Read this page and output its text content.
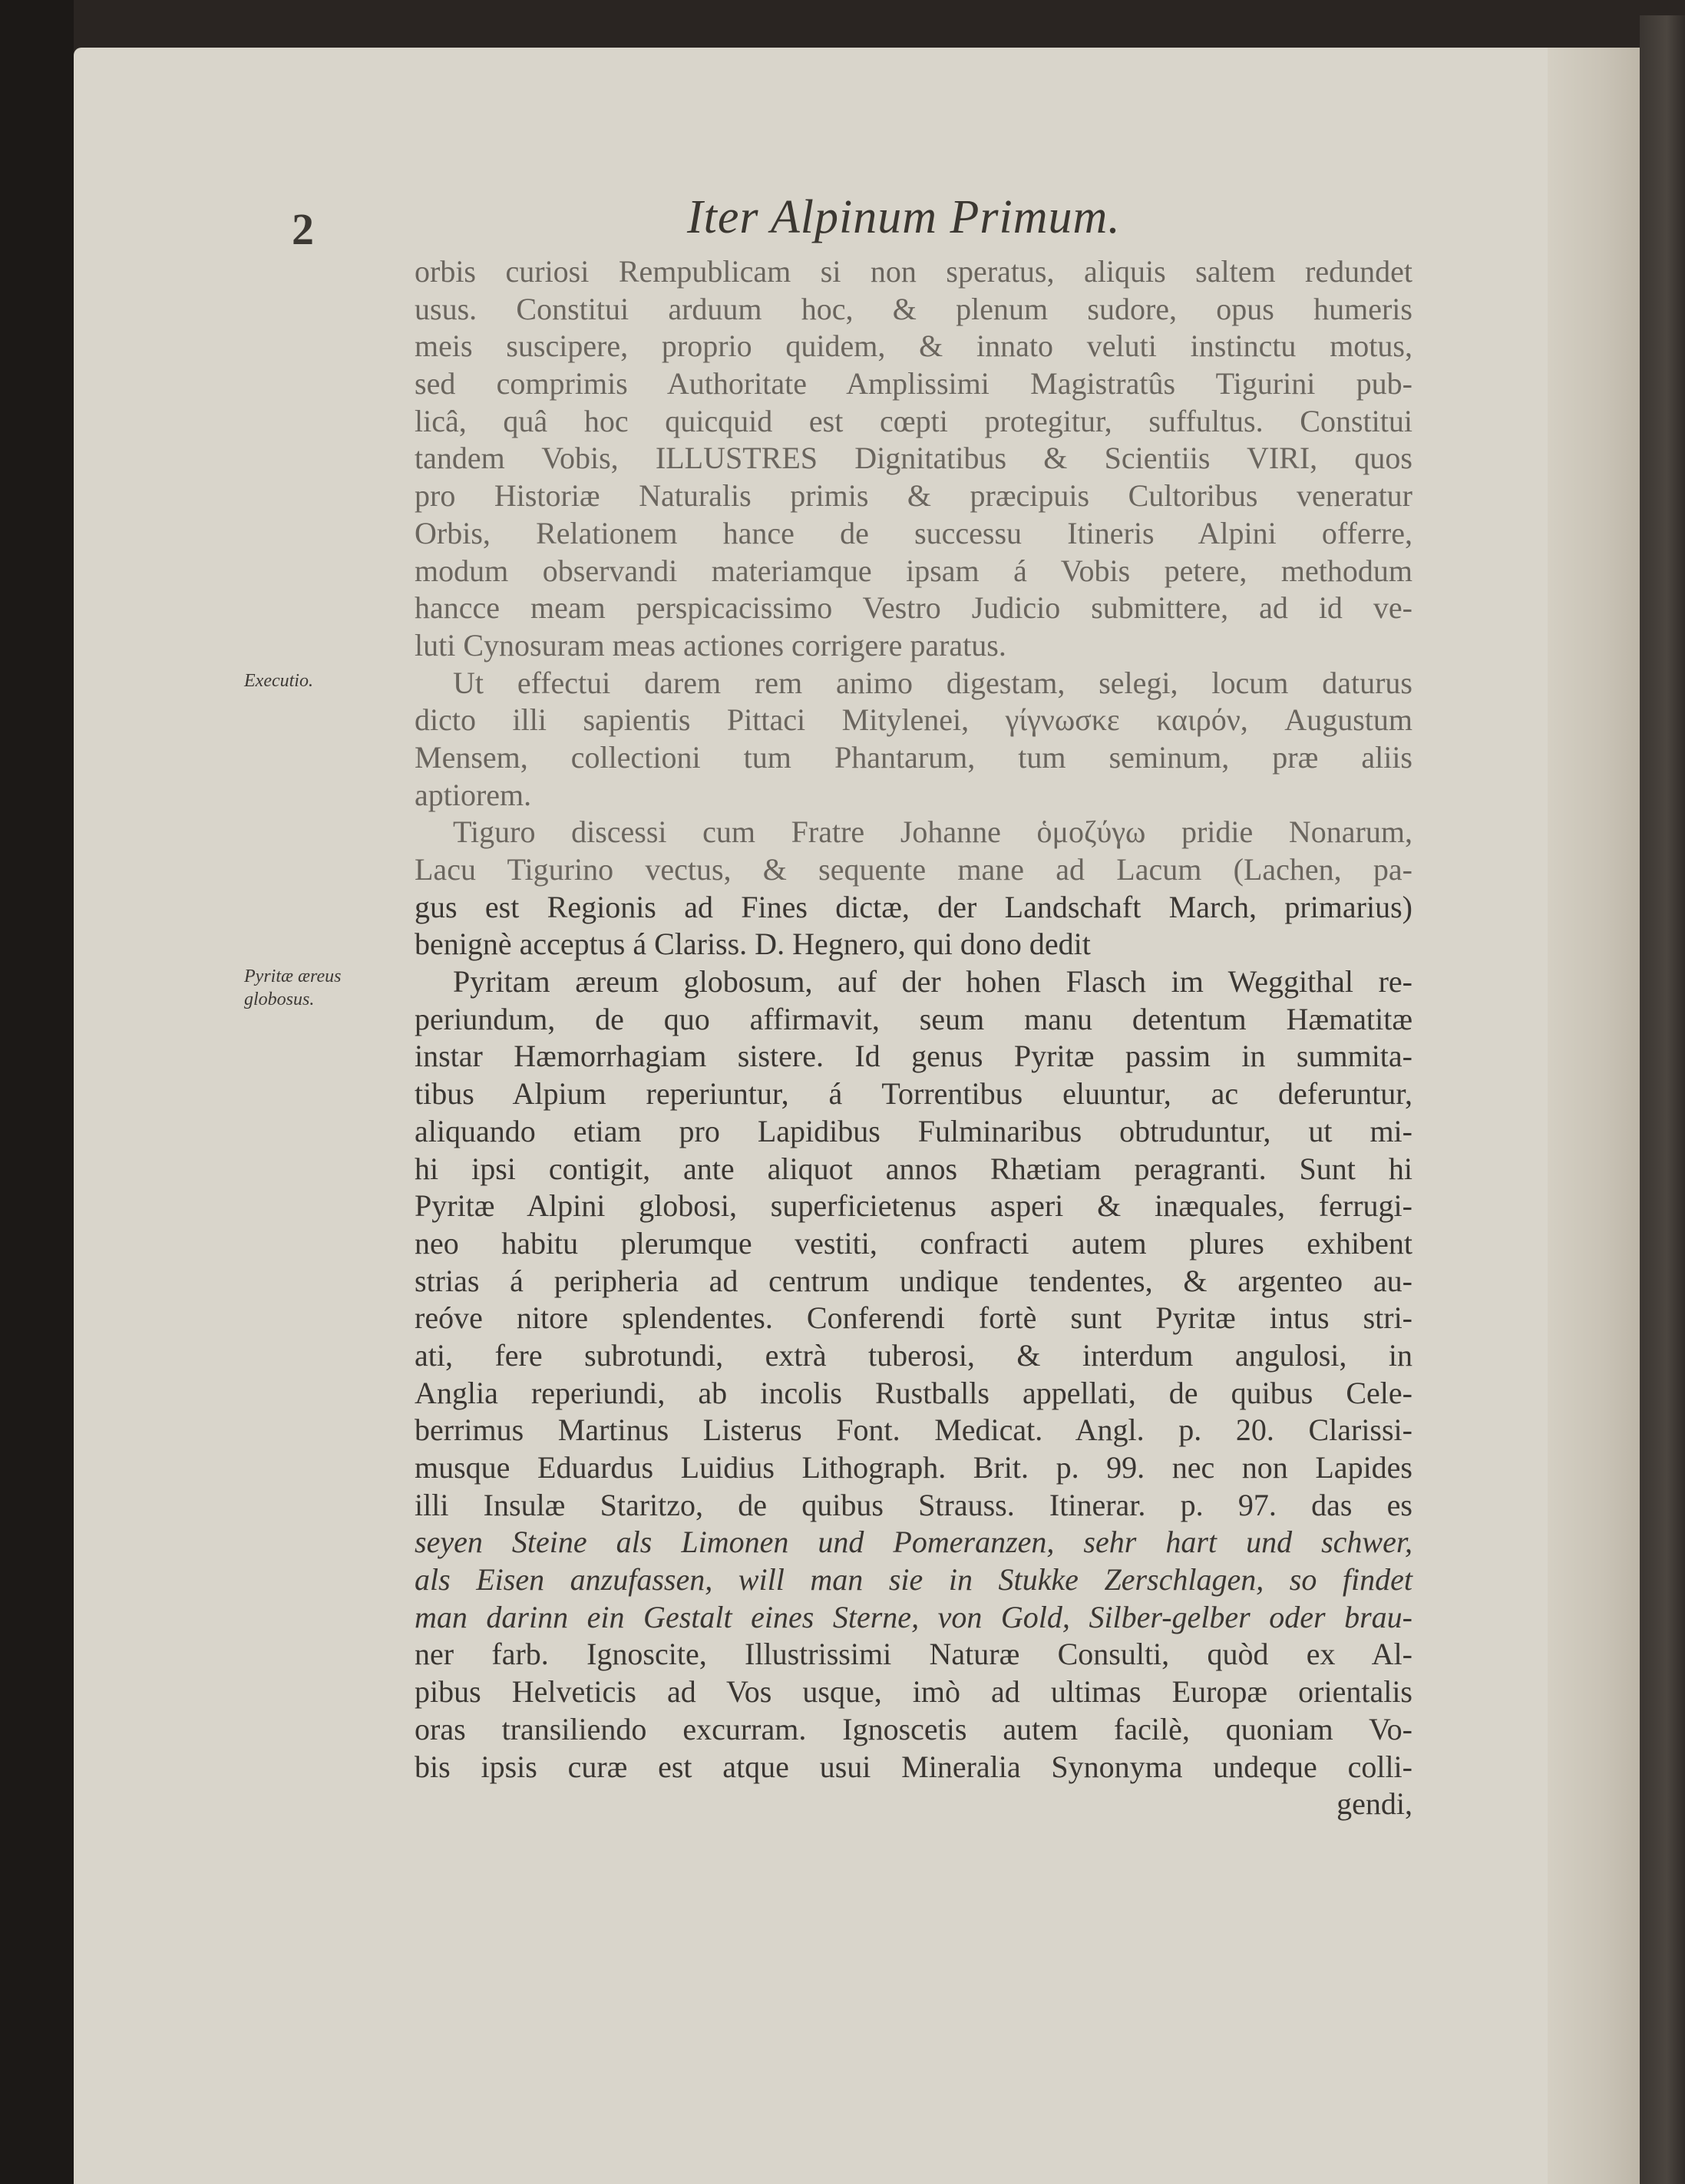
2	Iter Alpinum Primum.
Executio.
Pyritæ æreus globosus.
orbis curiosi Rempublicam si non speratus, aliquis saltem redundet
usus. Constitui arduum hoc, & plenum sudore, opus humeris
meis suscipere, proprio quidem, & innato veluti instinctu motus,
sed comprimis Authoritate Amplissimi Magistratûs Tigurini pub-
licâ, quâ hoc quicquid est cœpti protegitur, suffultus. Constitui
tandem Vobis, ILLUSTRES Dignitatibus & Scientiis VIRI, quos
pro Historiæ Naturalis primis & præcipuis Cultoribus veneratur
Orbis, Relationem hance de successu Itineris Alpini offerre,
modum observandi materiamque ipsam á Vobis petere, methodum
hancce meam perspicacissimo Vestro Judicio submittere, ad id ve-
luti Cynosuram meas actiones corrigere paratus.
Ut effectui darem rem animo digestam, selegi, locum daturus
dicto illi sapientis Pittaci Mitylenei, γίγνωσκε καιρόν, Augustum
Mensem, collectioni tum Phantarum, tum seminum, præ aliis
aptiorem.
Tiguro discessi cum Fratre Johanne ὁμοζύγω pridie Nonarum,
Lacu Tigurino vectus, & sequente mane ad Lacum (Lachen, pa-
gus est Regionis ad Fines dictæ, der Landschaft March, primarius)
benignè acceptus á Clariss. D. Hegnero, qui dono dedit
Pyritam æreum globosum, auf der hohen Flasch im Weggithal re-
periundum, de quo affirmavit, seum manu detentum Hæmatitæ
instar Hæmorrhagiam sistere. Id genus Pyritæ passim in summita-
tibus Alpium reperiuntur, á Torrentibus eluuntur, ac deferuntur,
aliquando etiam pro Lapidibus Fulminaribus obtruduntur, ut mi-
hi ipsi contigit, ante aliquot annos Rhætiam peragranti. Sunt hi
Pyritæ Alpini globosi, superficietenus asperi & inæquales, ferrugi-
neo habitu plerumque vestiti, confracti autem plures exhibent
strias á peripheria ad centrum undique tendentes, & argenteo au-
reóve nitore splendentes. Conferendi fortè sunt Pyritæ intus stri-
ati, fere subrotundi, extrà tuberosi, & interdum angulosi, in
Anglia reperiundi, ab incolis Rustballs appellati, de quibus Cele-
berrimus Martinus Listerus Font. Medicat. Angl. p. 20. Clarissi-
musque Eduardus Luidius Lithograph. Brit. p. 99. nec non Lapides
illi Insulæ Staritzo, de quibus Strauss. Itinerar. p. 97. das es
seyen Steine als Limonen und Pomeranzen, sehr hart und schwer,
als Eisen anzufassen, will man sie in Stukke Zerschlagen, so findet
man darinn ein Gestalt eines Sterne, von Gold, Silber-gelber oder brau-
ner farb. Ignoscite, Illustrissimi Naturæ Consulti, quòd ex Al-
pibus Helveticis ad Vos usque, imò ad ultimas Europæ orientalis
oras transiliendo excurram. Ignoscetis autem facilè, quoniam Vo-
bis ipsis curæ est atque usui Mineralia Synonyma undeque colli-
gendi,
